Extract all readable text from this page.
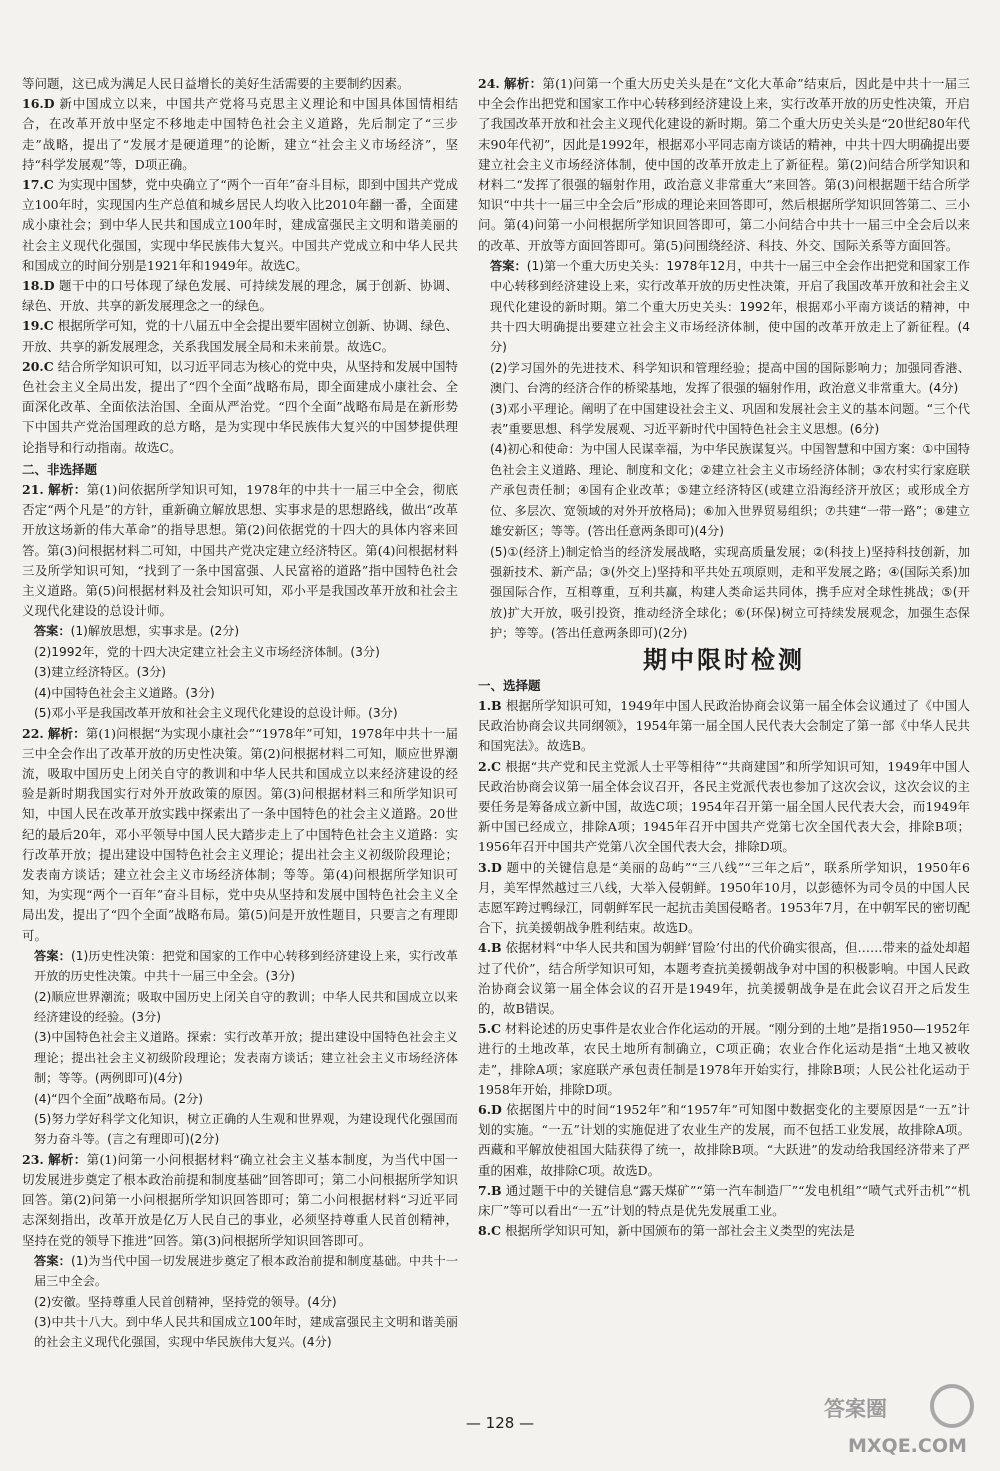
等问题，这已成为满足人民日益增长的美好生活需要的主要制约因素。

16.D 新中国成立以来，中国共产党将马克思主义理论和中国具体国情相结合，在改革开放中坚定不移地走中国特色社会主义道路，先后制定了“三步走”战略，提出了“发展才是硬道理”的论断，建立“社会主义市场经济”，坚持“科学发展观”等，D项正确。

17.C 为实现中国梦，党中央确立了“两个一百年”奋斗目标，即到中国共产党成立100年时，实现国内生产总值和城乡居民人均收入比2010年翻一番，全面建成小康社会；到中华人民共和国成立100年时，建成富强民主文明和谐美丽的社会主义现代化强国，实现中华民族伟大复兴。中国共产党成立和中华人民共和国成立的时间分别是1921年和1949年。故选C。

18.D 题干中的口号体现了绿色发展、可持续发展的理念，属于创新、协调、绿色、开放、共享的新发展理念之一的绿色。

19.C 根据所学可知，党的十八届五中全会提出要牢固树立创新、协调、绿色、开放、共享的新发展理念，关系我国发展全局和未来前景。故选C。

20.C 结合所学知识可知，以习近平同志为核心的党中央，从坚持和发展中国特色社会主义全局出发，提出了“四个全面”战略布局，即全面建成小康社会、全面深化改革、全面依法治国、全面从严治党。“四个全面”战略布局是在新形势下中国共产党治国理政的总方略，是为实现中华民族伟大复兴的中国梦提供理论指导和行动指南。故选C。

二、非选择题

21. 解析：第(1)问依据所学知识可知，1978年的中共十一届三中全会，彻底否定“两个凡是”的方针，重新确立解放思想、实事求是的思想路线，做出“改革开放这场新的伟大革命”的指导思想。第(2)问依据党的十四大的具体内容来回答。第(3)问根据材料二可知，中国共产党决定建立经济特区。第(4)问根据材料三及所学知识可知，“找到了一条中国富强、人民富裕的道路”指中国特色社会主义道路。第(5)问根据材料及社会知识可知，邓小平是我国改革开放和社会主义现代化建设的总设计师。

答案：(1)解放思想，实事求是。(2分)

(2)1992年，党的十四大决定建立社会主义市场经济体制。(3分)

(3)建立经济特区。(3分)

(4)中国特色社会主义道路。(3分)

(5)邓小平是我国改革开放和社会主义现代化建设的总设计师。(3分)

22. 解析：第(1)问根据“为实现小康社会”“1978年”可知，1978年中共十一届三中全会作出了改革开放的历史性决策。第(2)问根据材料二可知，顺应世界潮流，吸取中国历史上闭关自守的教训和中华人民共和国成立以来经济建设的经验是新时期我国实行对外开放政策的原因。第(3)问根据材料三和所学知识可知，中国人民在改革开放实践中探索出了一条中国特色的社会主义道路。20世纪的最后20年，邓小平领导中国人民大踏步走上了中国特色社会主义道路：实行改革开放；提出建设中国特色社会主义理论；提出社会主义初级阶段理论；发表南方谈话；建立社会主义市场经济体制；等等。第(4)问根据所学知识可知，为实现“两个一百年”奋斗目标，党中央从坚持和发展中国特色社会主义全局出发，提出了“四个全面”战略布局。第(5)问是开放性题目，只要言之有理即可。

答案：(1)历史性决策：把党和国家的工作中心转移到经济建设上来，实行改革开放的历史性决策。中共十一届三中全会。(3分)

(2)顺应世界潮流；吸取中国历史上闭关自守的教训；中华人民共和国成立以来经济建设的经验。(3分)

(3)中国特色社会主义道路。探索：实行改革开放；提出建设中国特色社会主义理论；提出社会主义初级阶段理论；发表南方谈话；建立社会主义市场经济体制；等等。(两例即可)(4分)

(4)“四个全面”战略布局。(2分)

(5)努力学好科学文化知识，树立正确的人生观和世界观，为建设现代化强国而努力奋斗等。(言之有理即可)(2分)

23. 解析：第(1)问第一小问根据材料“确立社会主义基本制度，为当代中国一切发展进步奠定了根本政治前提和制度基础”回答即可；第二小问根据所学知识回答。第(2)问第一小问根据所学知识回答即可；第二小问根据材料“习近平同志深刻指出，改革开放是亿万人民自己的事业，必须坚持尊重人民首创精神，坚持在党的领导下推进”回答。第(3)问根据所学知识回答即可。

答案：(1)为当代中国一切发展进步奠定了根本政治前提和制度基础。中共十一届三中全会。

(2)安徽。坚持尊重人民首创精神，坚持党的领导。(4分)

(3)中共十八大。到中华人民共和国成立100年时，建成富强民主文明和谐美丽的社会主义现代化强国，实现中华民族伟大复兴。(4分)

24. 解析：第(1)问第一个重大历史关头是在“文化大革命”结束后，因此是中共十一届三中全会作出把党和国家工作中心转移到经济建设上来，实行改革开放的历史性决策，开启了我国改革开放和社会主义现代化建设的新时期。第二个重大历史关头是“20世纪80年代末90年代初”，因此是1992年，根据邓小平同志南方谈话的精神，中共十四大明确提出要建立社会主义市场经济体制，使中国的改革开放走上了新征程。第(2)问结合所学知识和材料二“发挥了很强的辐射作用，政治意义非常重大”来回答。第(3)问根据题干结合所学知识“中共十一届三中全会后”形成的理论来回答即可，然后根据所学知识回答第二、三小问。第(4)问第一小问根据所学知识回答即可，第二小问结合中共十一届三中全会后以来的改革、开放等方面回答即可。第(5)问围绕经济、科技、外交、国际关系等方面回答。

答案：(1)第一个重大历史关头：1978年12月，中共十一届三中全会作出把党和国家工作中心转移到经济建设上来，实行改革开放的历史性决策，开启了我国改革开放和社会主义现代化建设的新时期。第二个重大历史关头：1992年，根据邓小平南方谈话的精神，中共十四大明确提出要建立社会主义市场经济体制，使中国的改革开放走上了新征程。(4分)

(2)学习国外的先进技术、科学知识和管理经验；提高中国的国际影响力；加强同香港、澳门、台湾的经济合作的桥梁基地，发挥了很强的辐射作用，政治意义非常重大。(4分)

(3)邓小平理论。阐明了在中国建设社会主义、巩固和发展社会主义的基本问题。“三个代表”重要思想、科学发展观、习近平新时代中国特色社会主义思想。(6分)

(4)初心和使命：为中国人民谋幸福，为中华民族谋复兴。中国智慧和中国方案：①中国特色社会主义道路、理论、制度和文化；②建立社会主义市场经济体制；③农村实行家庭联产承包责任制；④国有企业改革；⑤建立经济特区(或建立沿海经济开放区；或形成全方位、多层次、宽领域的对外开放格局)；⑥加入世界贸易组织；⑦共建“一带一路”；⑧建立雄安新区；等等。(答出任意两条即可)(4分)

(5)①(经济上)制定恰当的经济发展战略，实现高质量发展；②(科技上)坚持科技创新，加强新技术、新产品；③(外交上)坚持和平共处五项原则，走和平发展之路；④(国际关系)加强国际合作，互相尊重，互利共赢，构建人类命运共同体，携手应对全球性挑战；⑤(开放)扩大开放，吸引投资，推动经济全球化；⑥(环保)树立可持续发展观念，加强生态保护；等等。(答出任意两条即可)(2分)

期中限时检测

一、选择题

1.B 根据所学知识可知，1949年中国人民政治协商会议第一届全体会议通过了《中国人民政治协商会议共同纲领》，1954年第一届全国人民代表大会制定了第一部《中华人民共和国宪法》。故选B。

2.C 根据“共产党和民主党派人士平等相待”“共商建国”和所学知识可知，1949年中国人民政治协商会议第一届全体会议召开，各民主党派代表也参加了这次会议，这次会议的主要任务是筹备成立新中国，故选C项；1954年召开第一届全国人民代表大会，而1949年新中国已经成立，排除A项；1945年召开中国共产党第七次全国代表大会，排除B项；1956年召开中国共产党第八次全国代表大会，排除D项。

3.D 题中的关键信息是“美丽的岛屿”“三八线”“三年之后”，联系所学知识，1950年6月，美军悍然越过三八线，大举入侵朝鲜。1950年10月，以彭德怀为司令员的中国人民志愿军跨过鸭绿江，同朝鲜军民一起抗击美国侵略者。1953年7月，在中朝军民的密切配合下，抗美援朝战争胜利结束。故选D。

4.B 依据材料“中华人民共和国为朝鲜‘冒险’付出的代价确实很高，但……带来的益处却超过了代价”，结合所学知识可知，本题考查抗美援朝战争对中国的积极影响。中国人民政治协商会议第一届全体会议的召开是1949年，抗美援朝战争是在此会议召开之后发生的，故B错误。

5.C 材料论述的历史事件是农业合作化运动的开展。“刚分到的土地”是指1950—1952年进行的土地改革，农民土地所有制确立，C项正确；农业合作化运动是指“土地又被收走”，排除A项；家庭联产承包责任制是1978年开始实行，排除B项；人民公社化运动于1958年开始，排除D项。

6.D 依据图片中的时间“1952年”和“1957年”可知图中数据变化的主要原因是“一五”计划的实施。“一五”计划的实施促进了农业生产的发展，而不包括工业发展，故排除A项。西藏和平解放使祖国大陆获得了统一，故排除B项。“大跃进”的发动给我国经济带来了严重的困难，故排除C项。故选D。

7.B 通过题干中的关键信息“露天煤矿”“第一汽车制造厂”“发电机组”“喷气式歼击机”“机床厂”等可以看出“一五”计划的特点是优先发展重工业。

8.C 根据所学知识可知，新中国颁布的第一部社会主义类型的宪法是

— 128 —
答案圈
MXQE.COM
